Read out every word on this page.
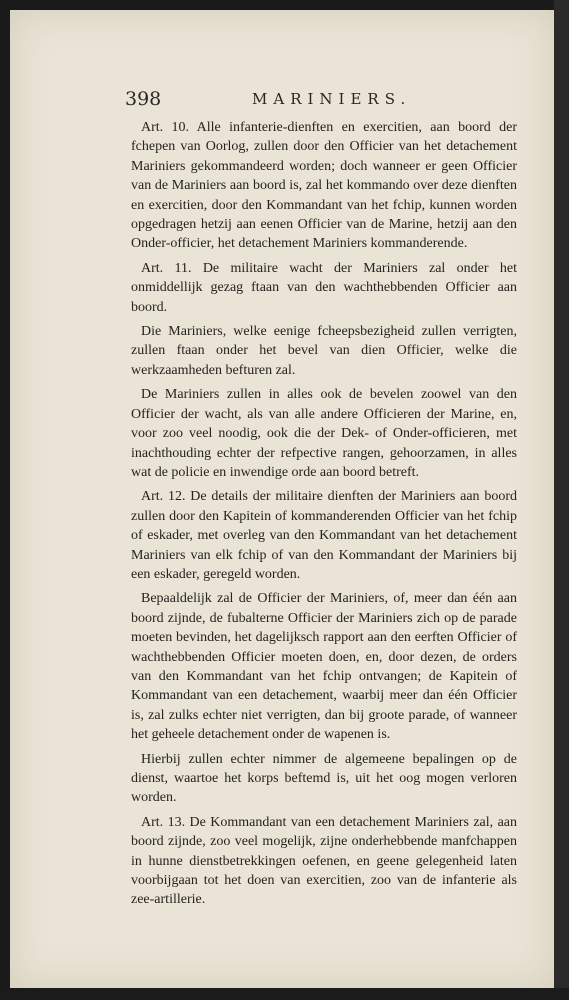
398	MARINIERS.

Art. 10. Alle infanterie-dienften en exercitien, aan boord der fchepen van Oorlog, zullen door den Officier van het detachement Mariniers gekommandeerd worden; doch wanneer er geen Officier van de Mariniers aan boord is, zal het kommando over deze dienften en exercitien, door den Kommandant van het fchip, kunnen worden opgedragen hetzij aan eenen Officier van de Marine, hetzij aan den Onder-officier, het detachement Mariniers kommanderende.

Art. 11. De militaire wacht der Mariniers zal onder het onmiddellijk gezag ftaan van den wachthebbenden Officier aan boord.

Die Mariniers, welke eenige fcheepsbezigheid zullen verrigten, zullen ftaan onder het bevel van dien Officier, welke die werkzaamheden befturen zal.

De Mariniers zullen in alles ook de bevelen zoowel van den Officier der wacht, als van alle andere Officieren der Marine, en, voor zoo veel noodig, ook die der Dek- of Onder-officieren, met inachthouding echter der refpective rangen, gehoorzamen, in alles wat de policie en inwendige orde aan boord betreft.

Art. 12. De details der militaire dienften der Mariniers aan boord zullen door den Kapitein of kommanderenden Officier van het fchip of eskader, met overleg van den Kommandant van het detachement Mariniers van elk fchip of van den Kommandant der Mariniers bij een eskader, geregeld worden.

Bepaaldelijk zal de Officier der Mariniers, of, meer dan één aan boord zijnde, de fubalterne Officier der Mariniers zich op de parade moeten bevinden, het dagelijksch rapport aan den eerften Officier of wachthebbenden Officier moeten doen, en, door dezen, de orders van den Kommandant van het fchip ontvangen; de Kapitein of Kommandant van een detachement, waarbij meer dan één Officier is, zal zulks echter niet verrigten, dan bij groote parade, of wanneer het geheele detachement onder de wapenen is.

Hierbij zullen echter nimmer de algemeene bepalingen op de dienst, waartoe het korps beftemd is, uit het oog mogen verloren worden.

Art. 13. De Kommandant van een detachement Mariniers zal, aan boord zijnde, zoo veel mogelijk, zijne onderhebbende manfchappen in hunne dienstbetrekkingen oefenen, en geene gelegenheid laten voorbijgaan tot het doen van exercitien, zoo van de infanterie als zee-artillerie.
